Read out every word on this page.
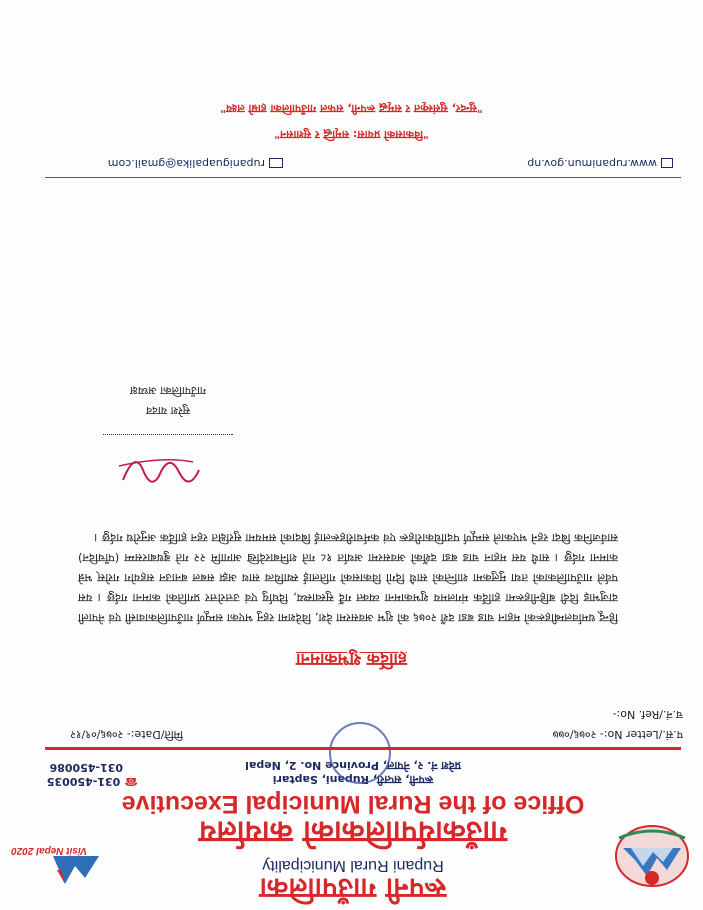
Visit Nepal 2020
रूपनी गाउँपालिका
Rupani Rural Municipality
गाउँकार्यपालिकाको कार्यालय
Office of the Rural Municipal Executive
रूपनी, सप्तरी, Rupani, Saptari
प्रदेश नं. २, नेपाल, Province No. 2, Nepal
☎031-450035
031-450086
प.सं./Letter No:- २०७६/०७७
च.नं./Ref. No:-
मिति/Date:- २०७६/०९/१२
हार्दिक शुभकामना
हिन्दू धर्मावलम्बीहरूको महान चाड बडा दशैं २०७६ को शुभ अवसरमा देश, विदेशमा रहनु भएका सम्पूर्ण गाउँपालिकावासी एवं नेपाली दाजुभाइ दिदी बहिनीहरूमा हार्दिक मंगलमय शुभकामना व्यक्त गर्दै सुस्वास्थ्य, दिर्घायु एवं उत्तरोत्तर प्रगतिको कामना गर्दछु । यस पर्वले गाउँपालिकाको तथा मुलुकमा शान्तिको साथै दिगो विकासको गतिलाई स्थायित्व साथ अझ सबल बनाउन सहयोग गरोस् भन्ने कामना गर्दछु । साथै यस महान चाड बडा दशैंको अवसरमा अर्थात १८ गते शनिबारदेखि आगामि २२ गते बुधबारसम्म (पाँचदिन) सार्वजनिक बिदा रहने भएकाले सम्पूर्ण पदाधिकारीहरू एवं कर्मचारीहरूलाई बिदाको समयमा सुरक्षित रहन हार्दिक अनुरोध गर्दछु ।
सुरेश यादव
गाउँपालिका अध्यक्ष
www.rupanimun.gov.np
rupaniguapalika@gmail.com
"विकासको प्रयास: समृद्धि र सुशासन"
"सुन्दर, सुसंस्कृत र समृद्ध रूपनी, सफल गाउँपालिका हाम्रो लक्ष्य"
